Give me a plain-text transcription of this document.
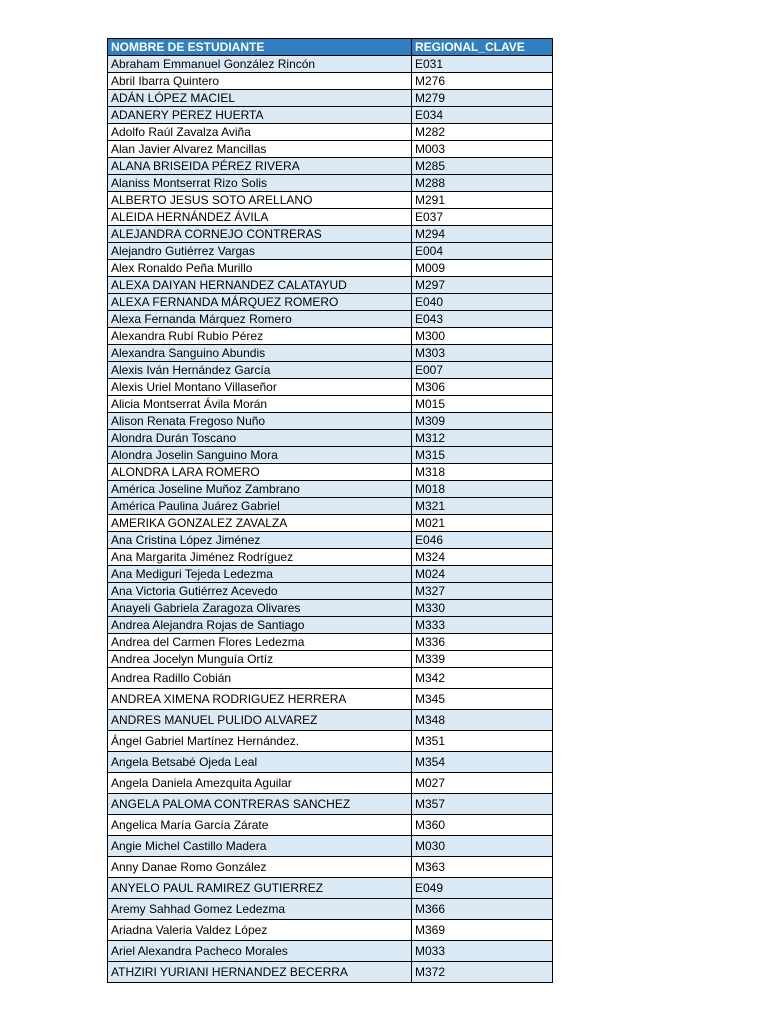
NOMBRE DE ESTUDIANTE	REGIONAL_CLAVE
Abraham Emmanuel González Rincón	E031
Abril Ibarra Quintero	M276
ADÁN LÓPEZ MACIEL	M279
ADANERY PEREZ HUERTA	E034
Adolfo Raúl Zavalza Aviña	M282
Alan Javier Alvarez Mancillas	M003
ALANA BRISEIDA PÉREZ RIVERA	M285
Alaniss Montserrat Rizo Solis	M288
ALBERTO JESUS SOTO ARELLANO	M291
ALEIDA HERNÁNDEZ ÁVILA	E037
ALEJANDRA CORNEJO CONTRERAS	M294
Alejandro Gutiérrez Vargas	E004
Alex Ronaldo Peña Murillo	M009
ALEXA DAIYAN HERNANDEZ CALATAYUD	M297
ALEXA FERNANDA MÁRQUEZ ROMERO	E040
Alexa Fernanda Márquez Romero	E043
Alexandra Rubí Rubio Pérez	M300
Alexandra Sanguino Abundis	M303
Alexis Iván Hernández García	E007
Alexis Uriel Montano Villaseñor	M306
Alicia Montserrat Ávila Morán	M015
Alison Renata Fregoso Nuño	M309
Alondra Durán Toscano	M312
Alondra Joselin Sanguino Mora	M315
ALONDRA LARA ROMERO	M318
América Joseline Muñoz Zambrano	M018
América Paulina Juárez Gabriel	M321
AMERIKA GONZALEZ ZAVALZA	M021
Ana Cristina López Jiménez	E046
Ana Margarita Jiménez Rodríguez	M324
Ana Mediguri Tejeda Ledezma	M024
Ana Victoria Gutiérrez Acevedo	M327
Anayeli Gabriela Zaragoza Olivares	M330
Andrea Alejandra Rojas de Santiago	M333
Andrea del Carmen Flores Ledezma	M336
Andrea Jocelyn Munguía Ortíz	M339
Andrea Radillo Cobián	M342
ANDREA XIMENA RODRIGUEZ HERRERA	M345
ANDRES MANUEL PULIDO ALVAREZ	M348
Ángel Gabriel Martínez Hernández.	M351
Angela Betsabé Ojeda Leal	M354
Angela Daniela Amezquita Aguilar	M027
ANGELA PALOMA CONTRERAS SANCHEZ	M357
Angelica María García Zárate	M360
Angie Michel Castillo Madera	M030
Anny Danae Romo González	M363
ANYELO PAUL RAMIREZ GUTIERREZ	E049
Aremy Sahhad Gomez Ledezma	M366
Ariadna Valeria Valdez López	M369
Ariel Alexandra Pacheco Morales	M033
ATHZIRI YURIANI HERNANDEZ BECERRA	M372
